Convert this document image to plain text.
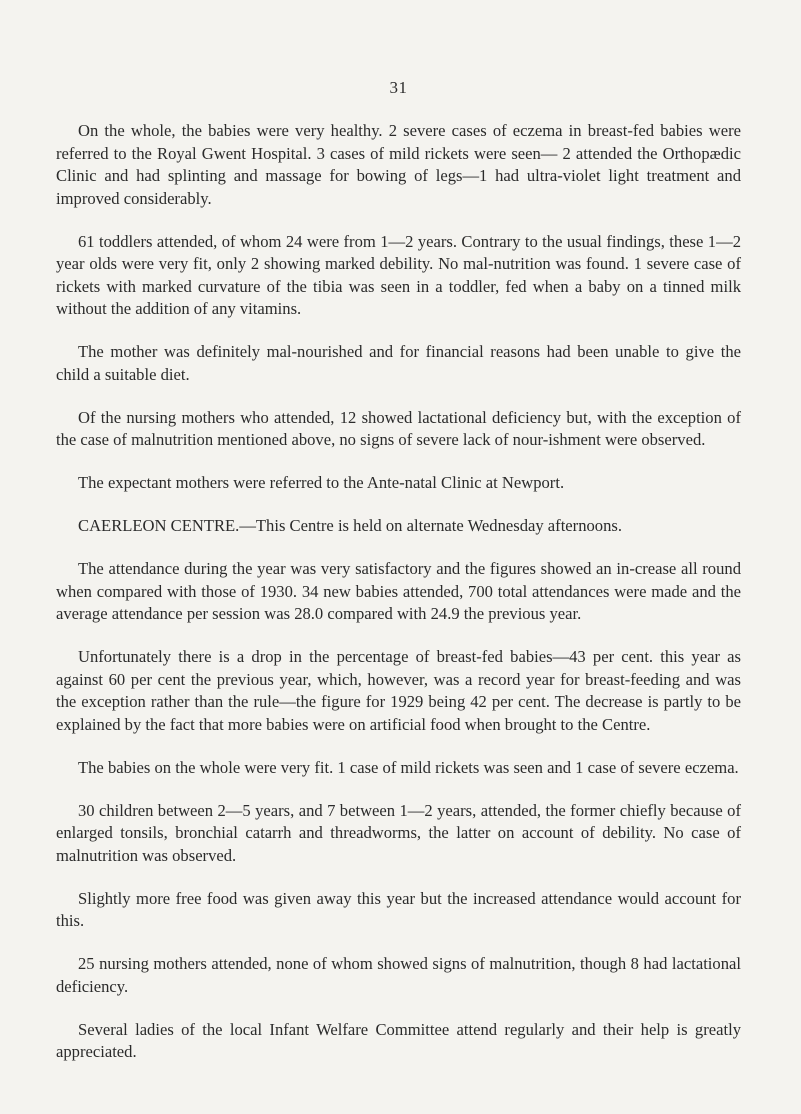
31

On the whole, the babies were very healthy. 2 severe cases of eczema in breast-fed babies were referred to the Royal Gwent Hospital. 3 cases of mild rickets were seen— 2 attended the Orthopædic Clinic and had splinting and massage for bowing of legs—1 had ultra-violet light treatment and improved considerably.

61 toddlers attended, of whom 24 were from 1—2 years. Contrary to the usual findings, these 1—2 year olds were very fit, only 2 showing marked debility. No mal-nutrition was found. 1 severe case of rickets with marked curvature of the tibia was seen in a toddler, fed when a baby on a tinned milk without the addition of any vitamins.

The mother was definitely mal-nourished and for financial reasons had been unable to give the child a suitable diet.

Of the nursing mothers who attended, 12 showed lactational deficiency but, with the exception of the case of malnutrition mentioned above, no signs of severe lack of nour-ishment were observed.

The expectant mothers were referred to the Ante-natal Clinic at Newport.

CAERLEON CENTRE.—This Centre is held on alternate Wednesday afternoons.

The attendance during the year was very satisfactory and the figures showed an in-crease all round when compared with those of 1930. 34 new babies attended, 700 total attendances were made and the average attendance per session was 28.0 compared with 24.9 the previous year.

Unfortunately there is a drop in the percentage of breast-fed babies—43 per cent. this year as against 60 per cent the previous year, which, however, was a record year for breast-feeding and was the exception rather than the rule—the figure for 1929 being 42 per cent. The decrease is partly to be explained by the fact that more babies were on artificial food when brought to the Centre.

The babies on the whole were very fit. 1 case of mild rickets was seen and 1 case of severe eczema.

30 children between 2—5 years, and 7 between 1—2 years, attended, the former chiefly because of enlarged tonsils, bronchial catarrh and threadworms, the latter on account of debility. No case of malnutrition was observed.

Slightly more free food was given away this year but the increased attendance would account for this.

25 nursing mothers attended, none of whom showed signs of malnutrition, though 8 had lactational deficiency.

Several ladies of the local Infant Welfare Committee attend regularly and their help is greatly appreciated.
